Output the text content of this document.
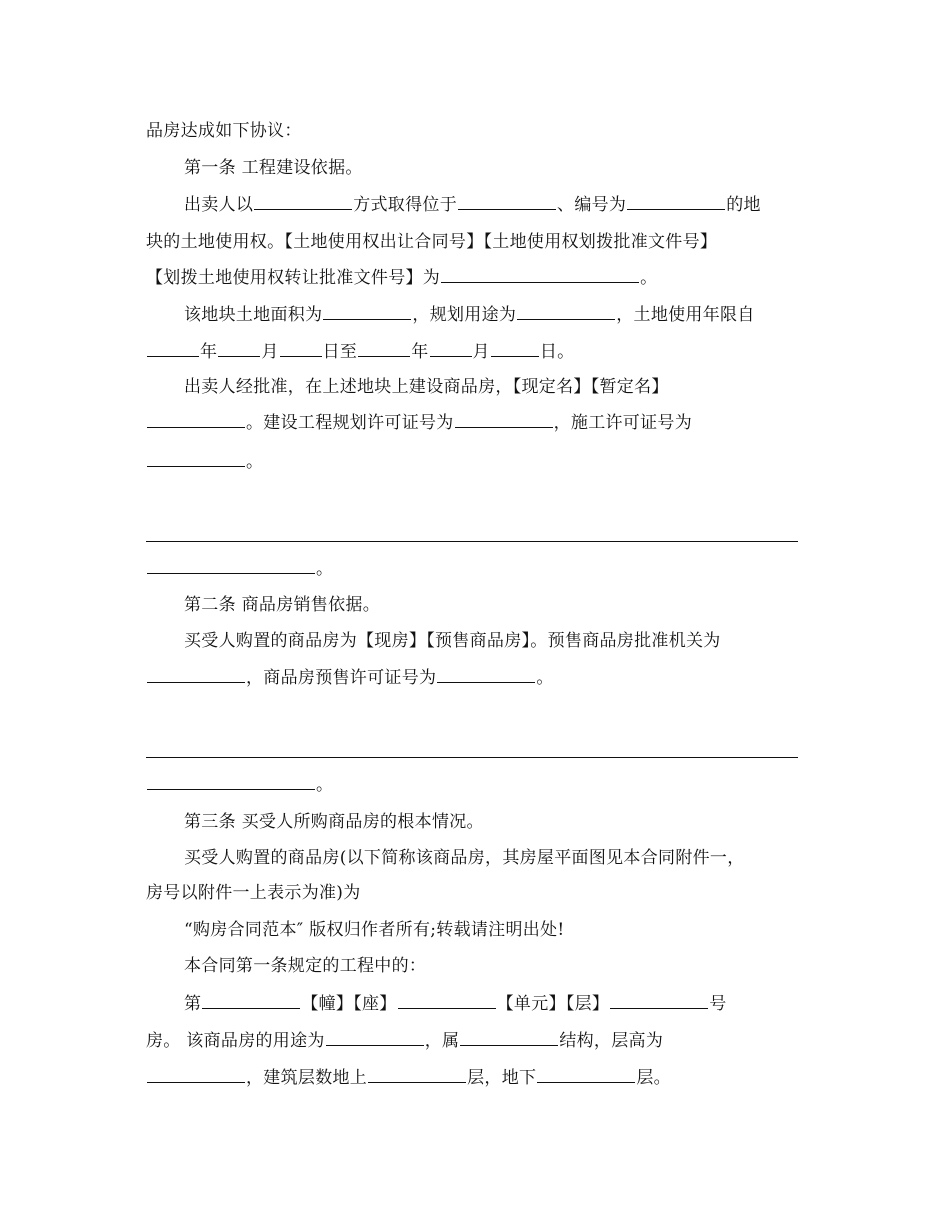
品房达成如下协议：
第一条 工程建设依据。
出卖人以	方式取得位于	、编号为	的地
块的土地使用权。【土地使用权出让合同号】【土地使用权划拨批准文件号】
【划拨土地使用权转让批准文件号】为	。
该地块土地面积为	，规划用途为	，土地使用年限自
年	月	日至	年	月	日。
出卖人经批准，在上述地块上建设商品房，【现定名】【暂定名】
。建设工程规划许可证号为	，施工许可证号为
。
。
第二条 商品房销售依据。
买受人购置的商品房为【现房】【预售商品房】。预售商品房批准机关为
，商品房预售许可证号为	。
。
第三条 买受人所购商品房的根本情况。
买受人购置的商品房(以下简称该商品房，其房屋平面图见本合同附件一，
房号以附件一上表示为准)为
“购房合同范本″ 版权归作者所有;转载请注明出处!
本合同第一条规定的工程中的：
第	【幢】【座】	【单元】【层】	号
房。 该商品房的用途为	，属	结构，层高为
，建筑层数地上	层，地下	层。
